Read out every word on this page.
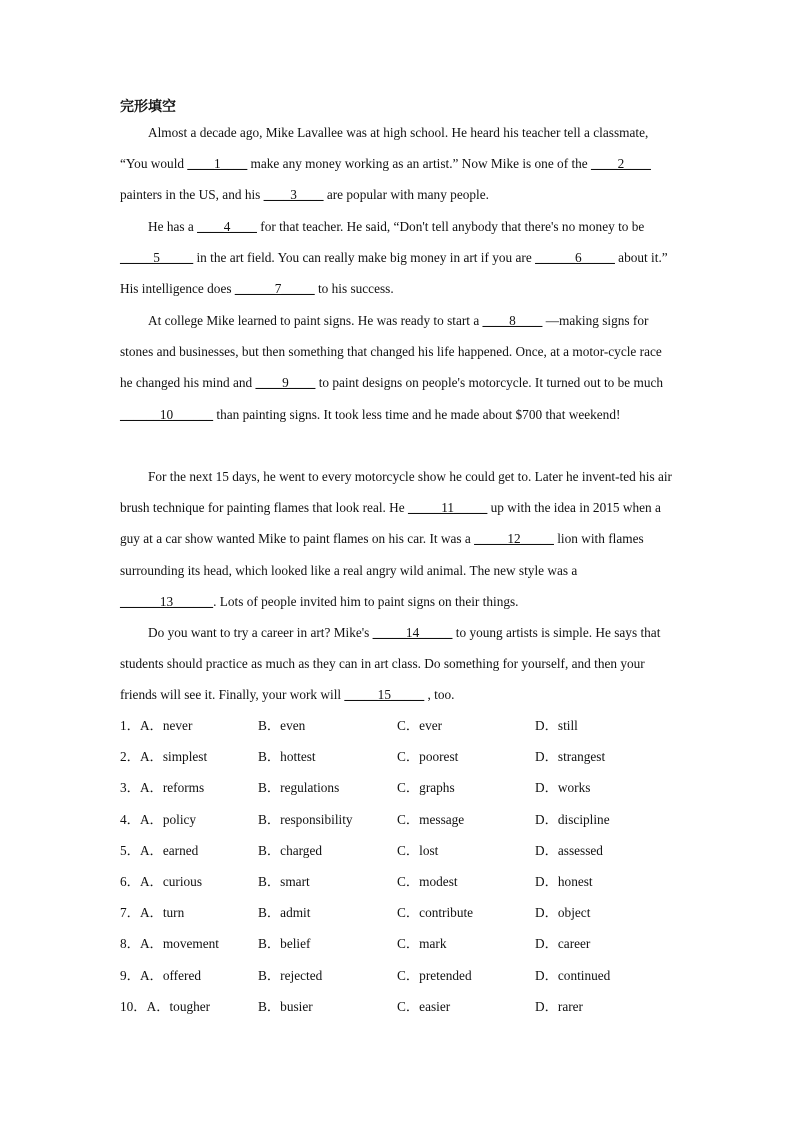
完形填空
Almost a decade ago, Mike Lavallee was at high school. He heard his teacher tell a classmate, “You would ____1____ make any money working as an artist.” Now Mike is one of the ____2____ painters in the US, and his ____3____ are popular with many people.
He has a ____4____ for that teacher. He said, “Don't tell anybody that there's no money to be _____5_____ in the art field. You can really make big money in art if you are ______6_____ about it.” His intelligence does ______7_____ to his success.
At college Mike learned to paint signs. He was ready to start a ____8____ —making signs for stones and businesses, but then something that changed his life happened. Once, at a motor-cycle race he changed his mind and ____9____ to paint designs on people's motorcycle. It turned out to be much ______10______ than painting signs. It took less time and he made about $700 that weekend!
For the next 15 days, he went to every motorcycle show he could get to. Later he invent-ted his air brush technique for painting flames that look real. He _____11_____ up with the idea in 2015 when a guy at a car show wanted Mike to paint flames on his car. It was a _____12_____ lion with flames surrounding its head, which looked like a real angry wild animal. The new style was a ______13______. Lots of people invited him to paint signs on their things.
Do you want to try a career in art? Mike's _____14_____ to young artists is simple. He says that students should practice as much as they can in art class. Do something for yourself, and then your friends will see it. Finally, your work will _____15_____ , too.
1．A．never	B．even	C．ever	D．still
2．A．simplest	B．hottest	C．poorest	D．strangest
3．A．reforms	B．regulations	C．graphs	D．works
4．A．policy	B．responsibility	C．message	D．discipline
5．A．earned	B．charged	C．lost	D．assessed
6．A．curious	B．smart	C．modest	D．honest
7．A．turn	B．admit	C．contribute	D．object
8．A．movement	B．belief	C．mark	D．career
9．A．offered	B．rejected	C．pretended	D．continued
10．A．tougher	B．busier	C．easier	D．rarer
